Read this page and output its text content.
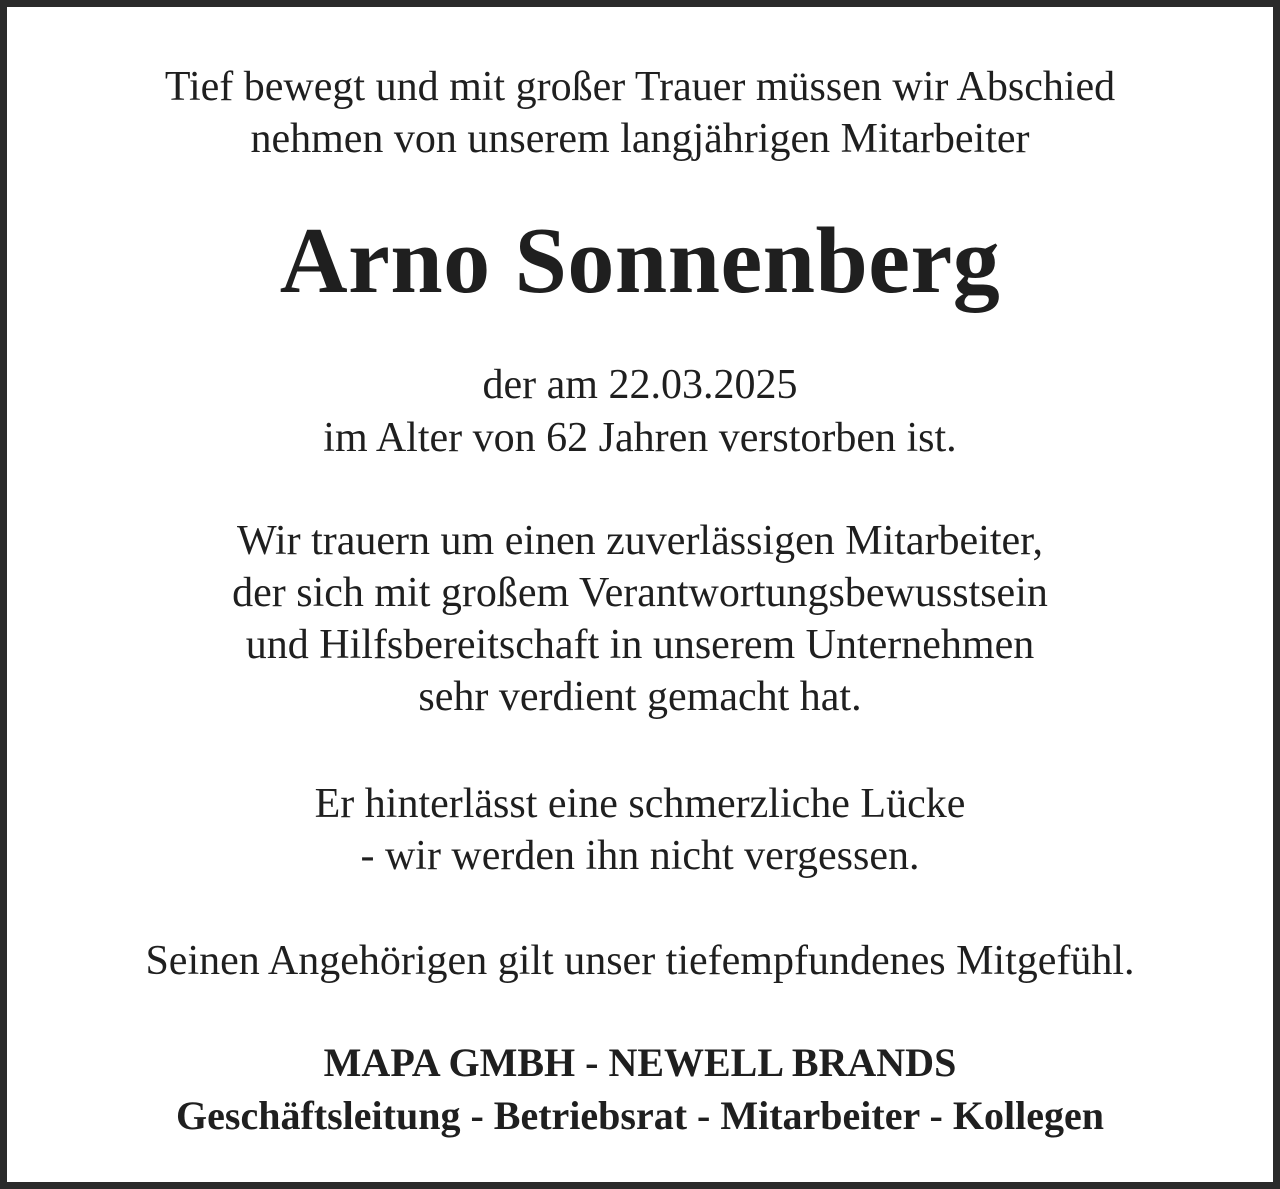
Tief bewegt und mit großer Trauer müssen wir Abschied
nehmen von unserem langjährigen Mitarbeiter
Arno Sonnenberg
der am 22.03.2025
im Alter von 62 Jahren verstorben ist.
Wir trauern um einen zuverlässigen Mitarbeiter,
der sich mit großem Verantwortungsbewusstsein
und Hilfsbereitschaft in unserem Unternehmen
sehr verdient gemacht hat.
Er hinterlässt eine schmerzliche Lücke
- wir werden ihn nicht vergessen.
Seinen Angehörigen gilt unser tiefempfundenes Mitgefühl.
MAPA GMBH - NEWELL BRANDS
Geschäftsleitung - Betriebsrat - Mitarbeiter - Kollegen
